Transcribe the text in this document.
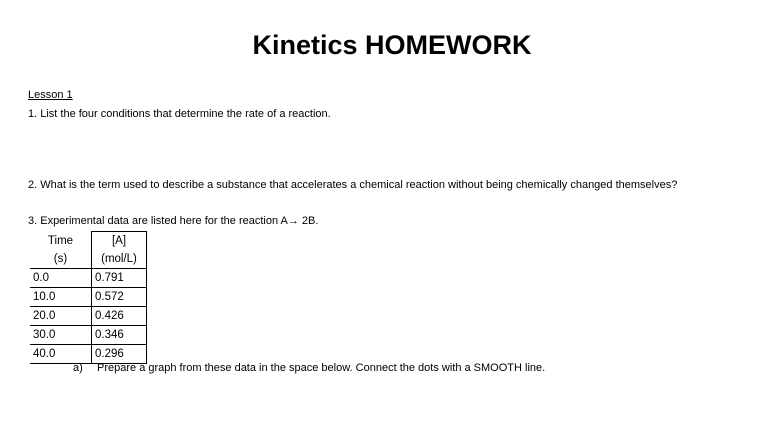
Kinetics HOMEWORK
Lesson 1
1. List the four conditions that determine the rate of a reaction.
2. What is the term used to describe a substance that accelerates a chemical reaction without being chemically changed themselves?
3. Experimental data are listed here for the reaction A→ 2B.
Time	[A]
(s)	(mol/L)
0.0	0.791
10.0	0.572
20.0	0.426
30.0	0.346
40.0	0.296
a) Prepare a graph from these data in the space below. Connect the dots with a SMOOTH line.
